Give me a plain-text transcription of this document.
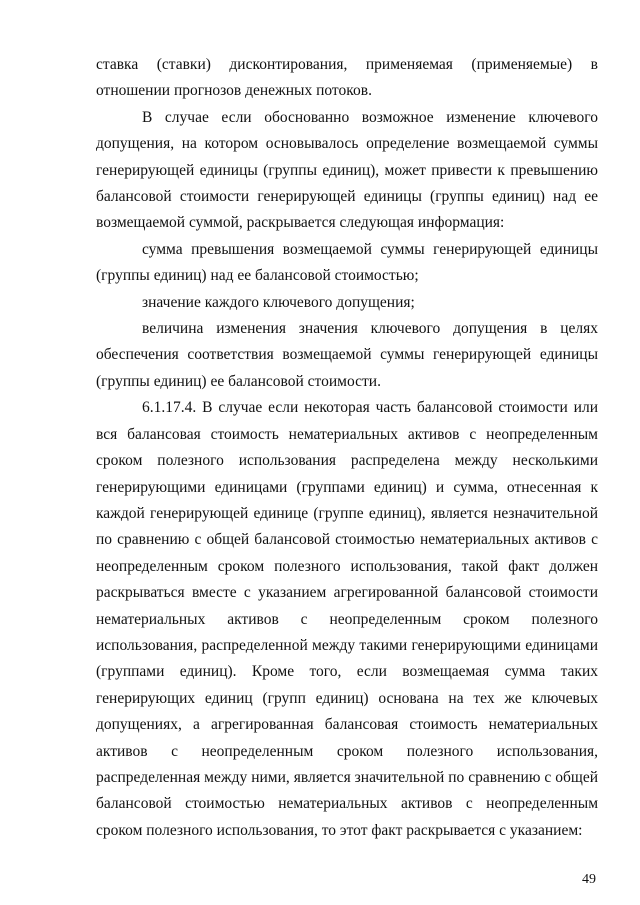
ставка (ставки) дисконтирования, применяемая (применяемые) в отношении прогнозов денежных потоков.

В случае если обоснованно возможное изменение ключевого допущения, на котором основывалось определение возмещаемой суммы генерирующей единицы (группы единиц), может привести к превышению балансовой стоимости генерирующей единицы (группы единиц) над ее возмещаемой суммой, раскрывается следующая информация:

сумма превышения возмещаемой суммы генерирующей единицы (группы единиц) над ее балансовой стоимостью;

значение каждого ключевого допущения;

величина изменения значения ключевого допущения в целях обеспечения соответствия возмещаемой суммы генерирующей единицы (группы единиц) ее балансовой стоимости.

6.1.17.4. В случае если некоторая часть балансовой стоимости или вся балансовая стоимость нематериальных активов с неопределенным сроком полезного использования распределена между несколькими генерирующими единицами (группами единиц) и сумма, отнесенная к каждой генерирующей единице (группе единиц), является незначительной по сравнению с общей балансовой стоимостью нематериальных активов с неопределенным сроком полезного использования, такой факт должен раскрываться вместе с указанием агрегированной балансовой стоимости нематериальных активов с неопределенным сроком полезного использования, распределенной между такими генерирующими единицами (группами единиц). Кроме того, если возмещаемая сумма таких генерирующих единиц (групп единиц) основана на тех же ключевых допущениях, а агрегированная балансовая стоимость нематериальных активов с неопределенным сроком полезного использования, распределенная между ними, является значительной по сравнению с общей балансовой стоимостью нематериальных активов с неопределенным сроком полезного использования, то этот факт раскрывается с указанием:

49
